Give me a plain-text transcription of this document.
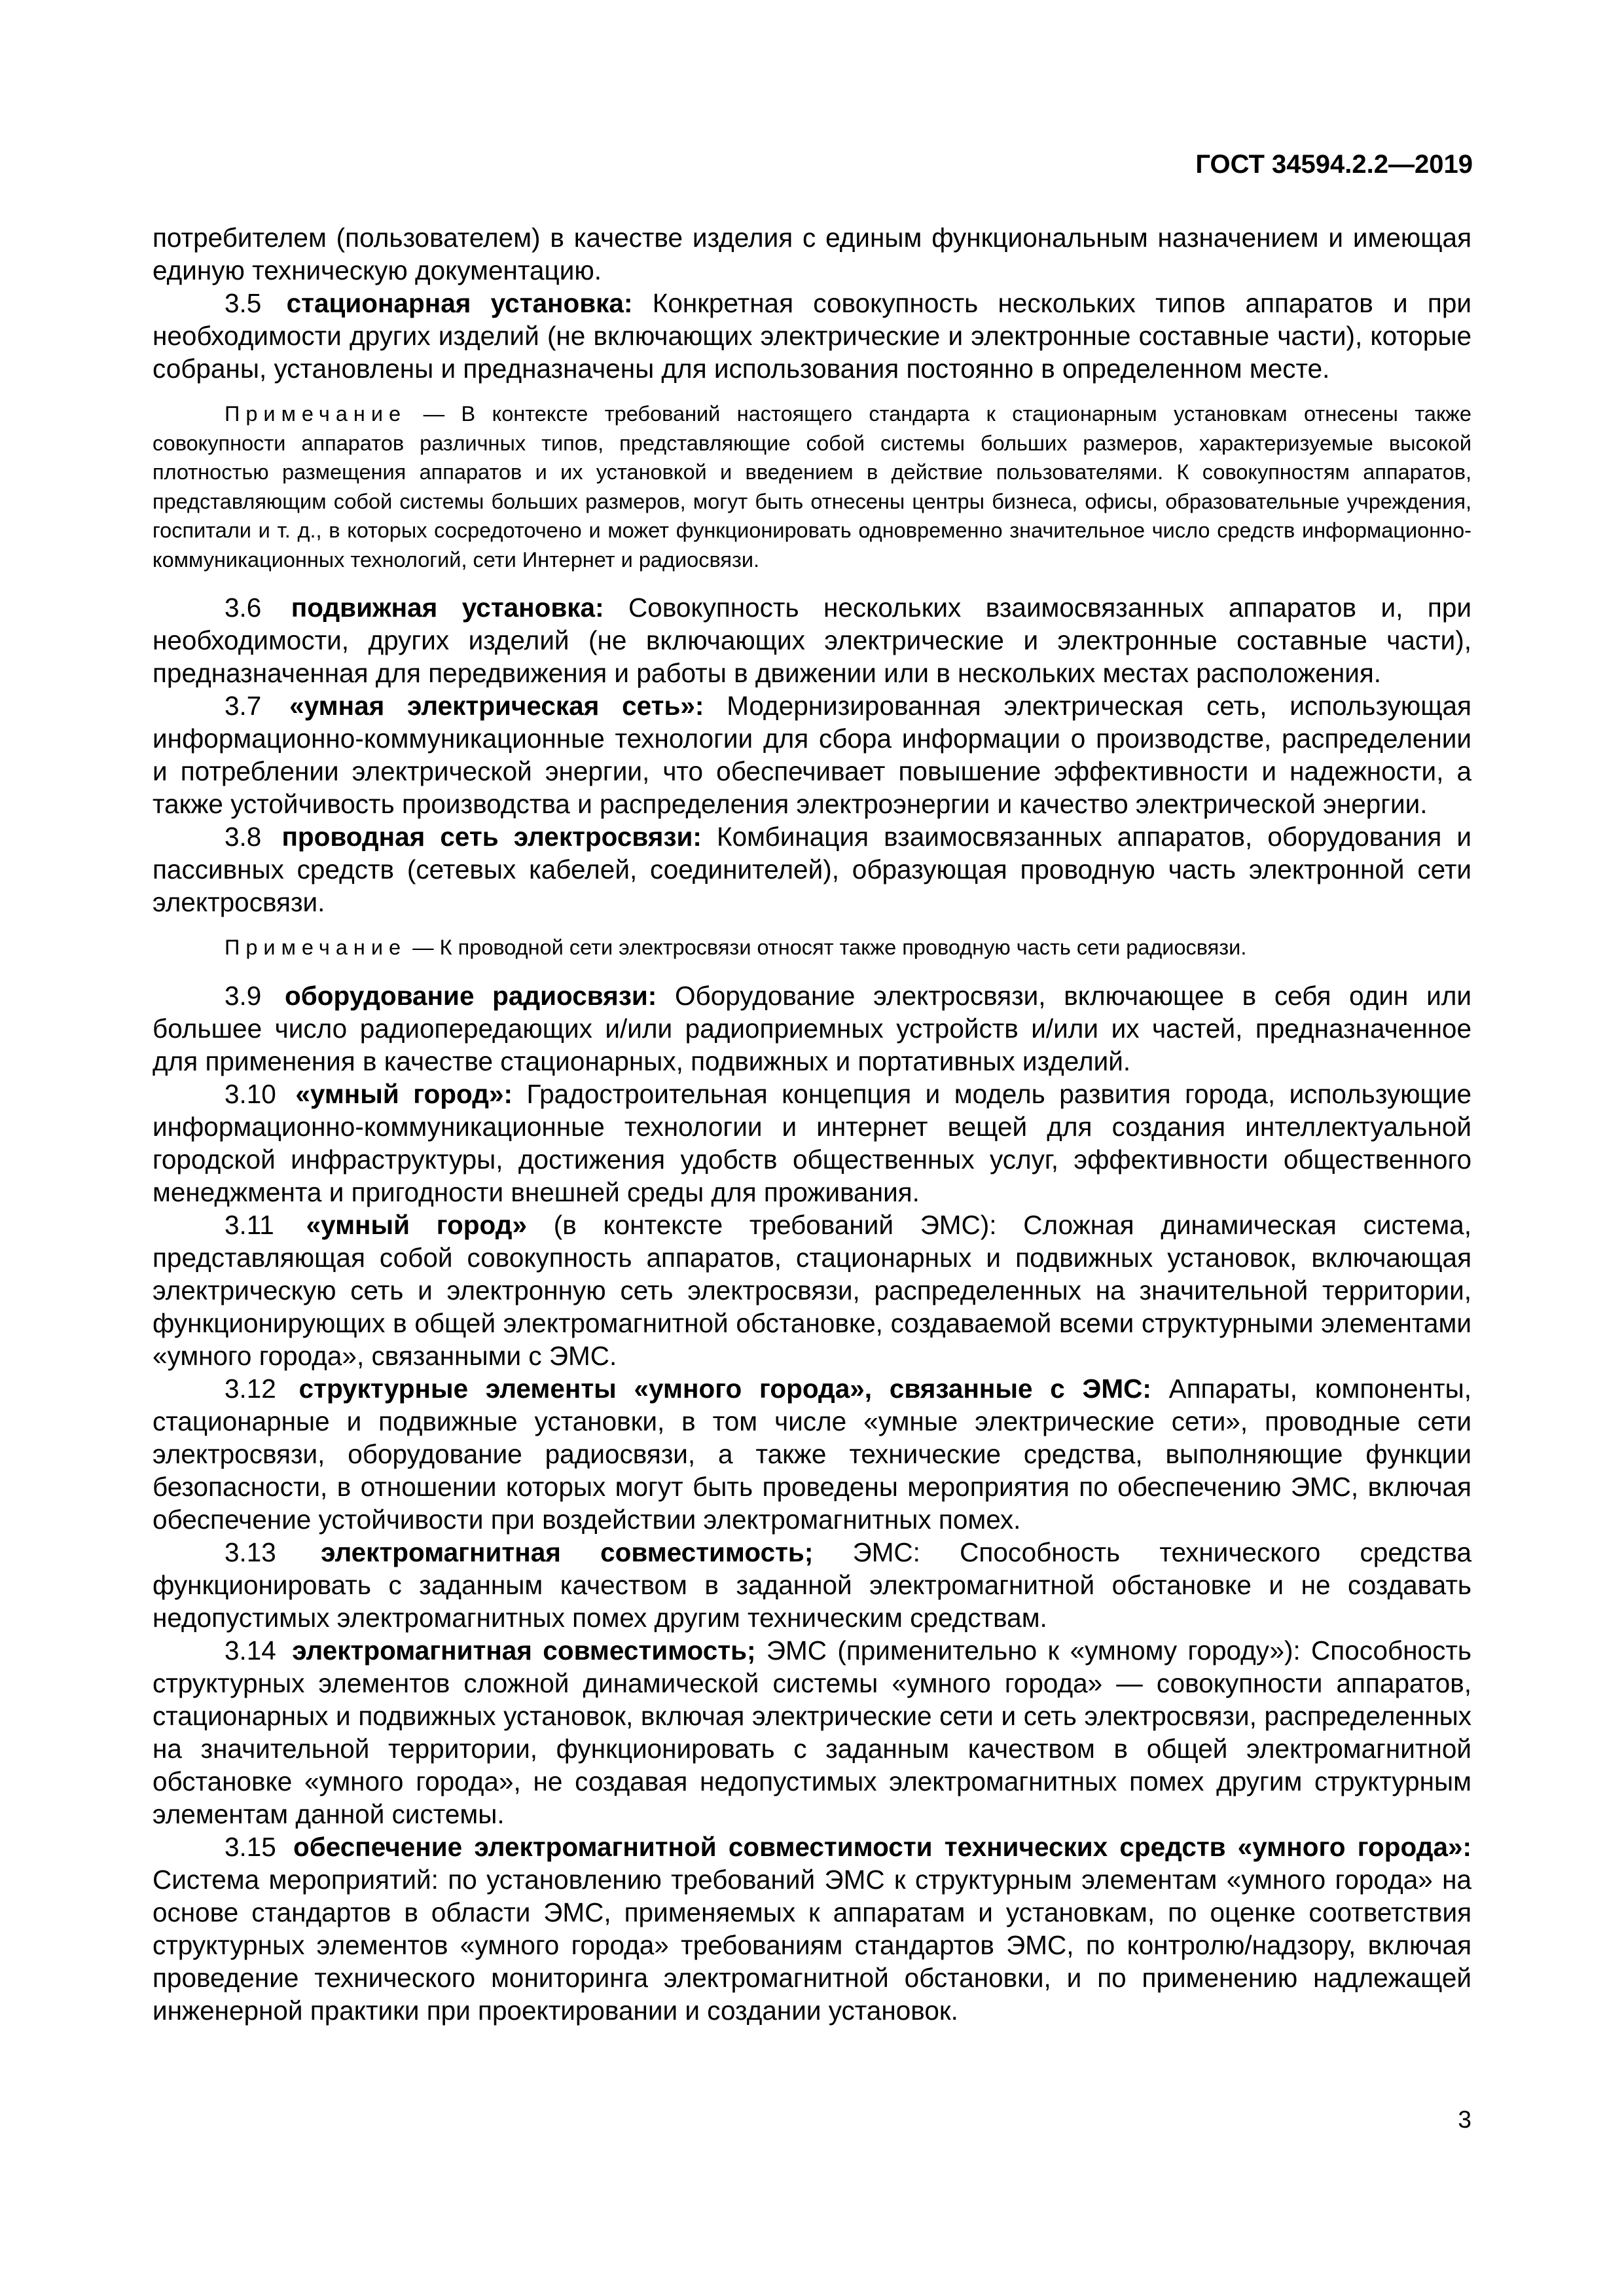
ГОСТ 34594.2.2—2019

потребителем (пользователем) в качестве изделия с единым функциональным назначением и имеющая единую техническую документацию.

3.5 стационарная установка: Конкретная совокупность нескольких типов аппаратов и при необходимости других изделий (не включающих электрические и электронные составные части), которые собраны, установлены и предназначены для использования постоянно в определенном месте.

Примечание — В контексте требований настоящего стандарта к стационарным установкам отнесены также совокупности аппаратов различных типов, представляющие собой системы больших размеров, характеризуемые высокой плотностью размещения аппаратов и их установкой и введением в действие пользователями. К совокупностям аппаратов, представляющим собой системы больших размеров, могут быть отнесены центры бизнеса, офисы, образовательные учреждения, госпитали и т. д., в которых сосредоточено и может функционировать одновременно значительное число средств информационно-коммуникационных технологий, сети Интернет и радиосвязи.

3.6 подвижная установка: Совокупность нескольких взаимосвязанных аппаратов и, при необходимости, других изделий (не включающих электрические и электронные составные части), предназначенная для передвижения и работы в движении или в нескольких местах расположения.

3.7 «умная электрическая сеть»: Модернизированная электрическая сеть, использующая информационно-коммуникационные технологии для сбора информации о производстве, распределении и потреблении электрической энергии, что обеспечивает повышение эффективности и надежности, а также устойчивость производства и распределения электроэнергии и качество электрической энергии.

3.8 проводная сеть электросвязи: Комбинация взаимосвязанных аппаратов, оборудования и пассивных средств (сетевых кабелей, соединителей), образующая проводную часть электронной сети электросвязи.

Примечание — К проводной сети электросвязи относят также проводную часть сети радиосвязи.

3.9 оборудование радиосвязи: Оборудование электросвязи, включающее в себя один или большее число радиопередающих и/или радиоприемных устройств и/или их частей, предназначенное для применения в качестве стационарных, подвижных и портативных изделий.

3.10 «умный город»: Градостроительная концепция и модель развития города, использующие информационно-коммуникационные технологии и интернет вещей для создания интеллектуальной городской инфраструктуры, достижения удобств общественных услуг, эффективности общественного менеджмента и пригодности внешней среды для проживания.

3.11 «умный город» (в контексте требований ЭМС): Сложная динамическая система, представляющая собой совокупность аппаратов, стационарных и подвижных установок, включающая электрическую сеть и электронную сеть электросвязи, распределенных на значительной территории, функционирующих в общей электромагнитной обстановке, создаваемой всеми структурными элементами «умного города», связанными с ЭМС.

3.12 структурные элементы «умного города», связанные с ЭМС: Аппараты, компоненты, стационарные и подвижные установки, в том числе «умные электрические сети», проводные сети электросвязи, оборудование радиосвязи, а также технические средства, выполняющие функции безопасности, в отношении которых могут быть проведены мероприятия по обеспечению ЭМС, включая обеспечение устойчивости при воздействии электромагнитных помех.

3.13 электромагнитная совместимость; ЭМС: Способность технического средства функционировать с заданным качеством в заданной электромагнитной обстановке и не создавать недопустимых электромагнитных помех другим техническим средствам.

3.14 электромагнитная совместимость; ЭМС (применительно к «умному городу»): Способность структурных элементов сложной динамической системы «умного города» — совокупности аппаратов, стационарных и подвижных установок, включая электрические сети и сеть электросвязи, распределенных на значительной территории, функционировать с заданным качеством в общей электромагнитной обстановке «умного города», не создавая недопустимых электромагнитных помех другим структурным элементам данной системы.

3.15 обеспечение электромагнитной совместимости технических средств «умного города»: Система мероприятий: по установлению требований ЭМС к структурным элементам «умного города» на основе стандартов в области ЭМС, применяемых к аппаратам и установкам, по оценке соответствия структурных элементов «умного города» требованиям стандартов ЭМС, по контролю/надзору, включая проведение технического мониторинга электромагнитной обстановки, и по применению надлежащей инженерной практики при проектировании и создании установок.

3
